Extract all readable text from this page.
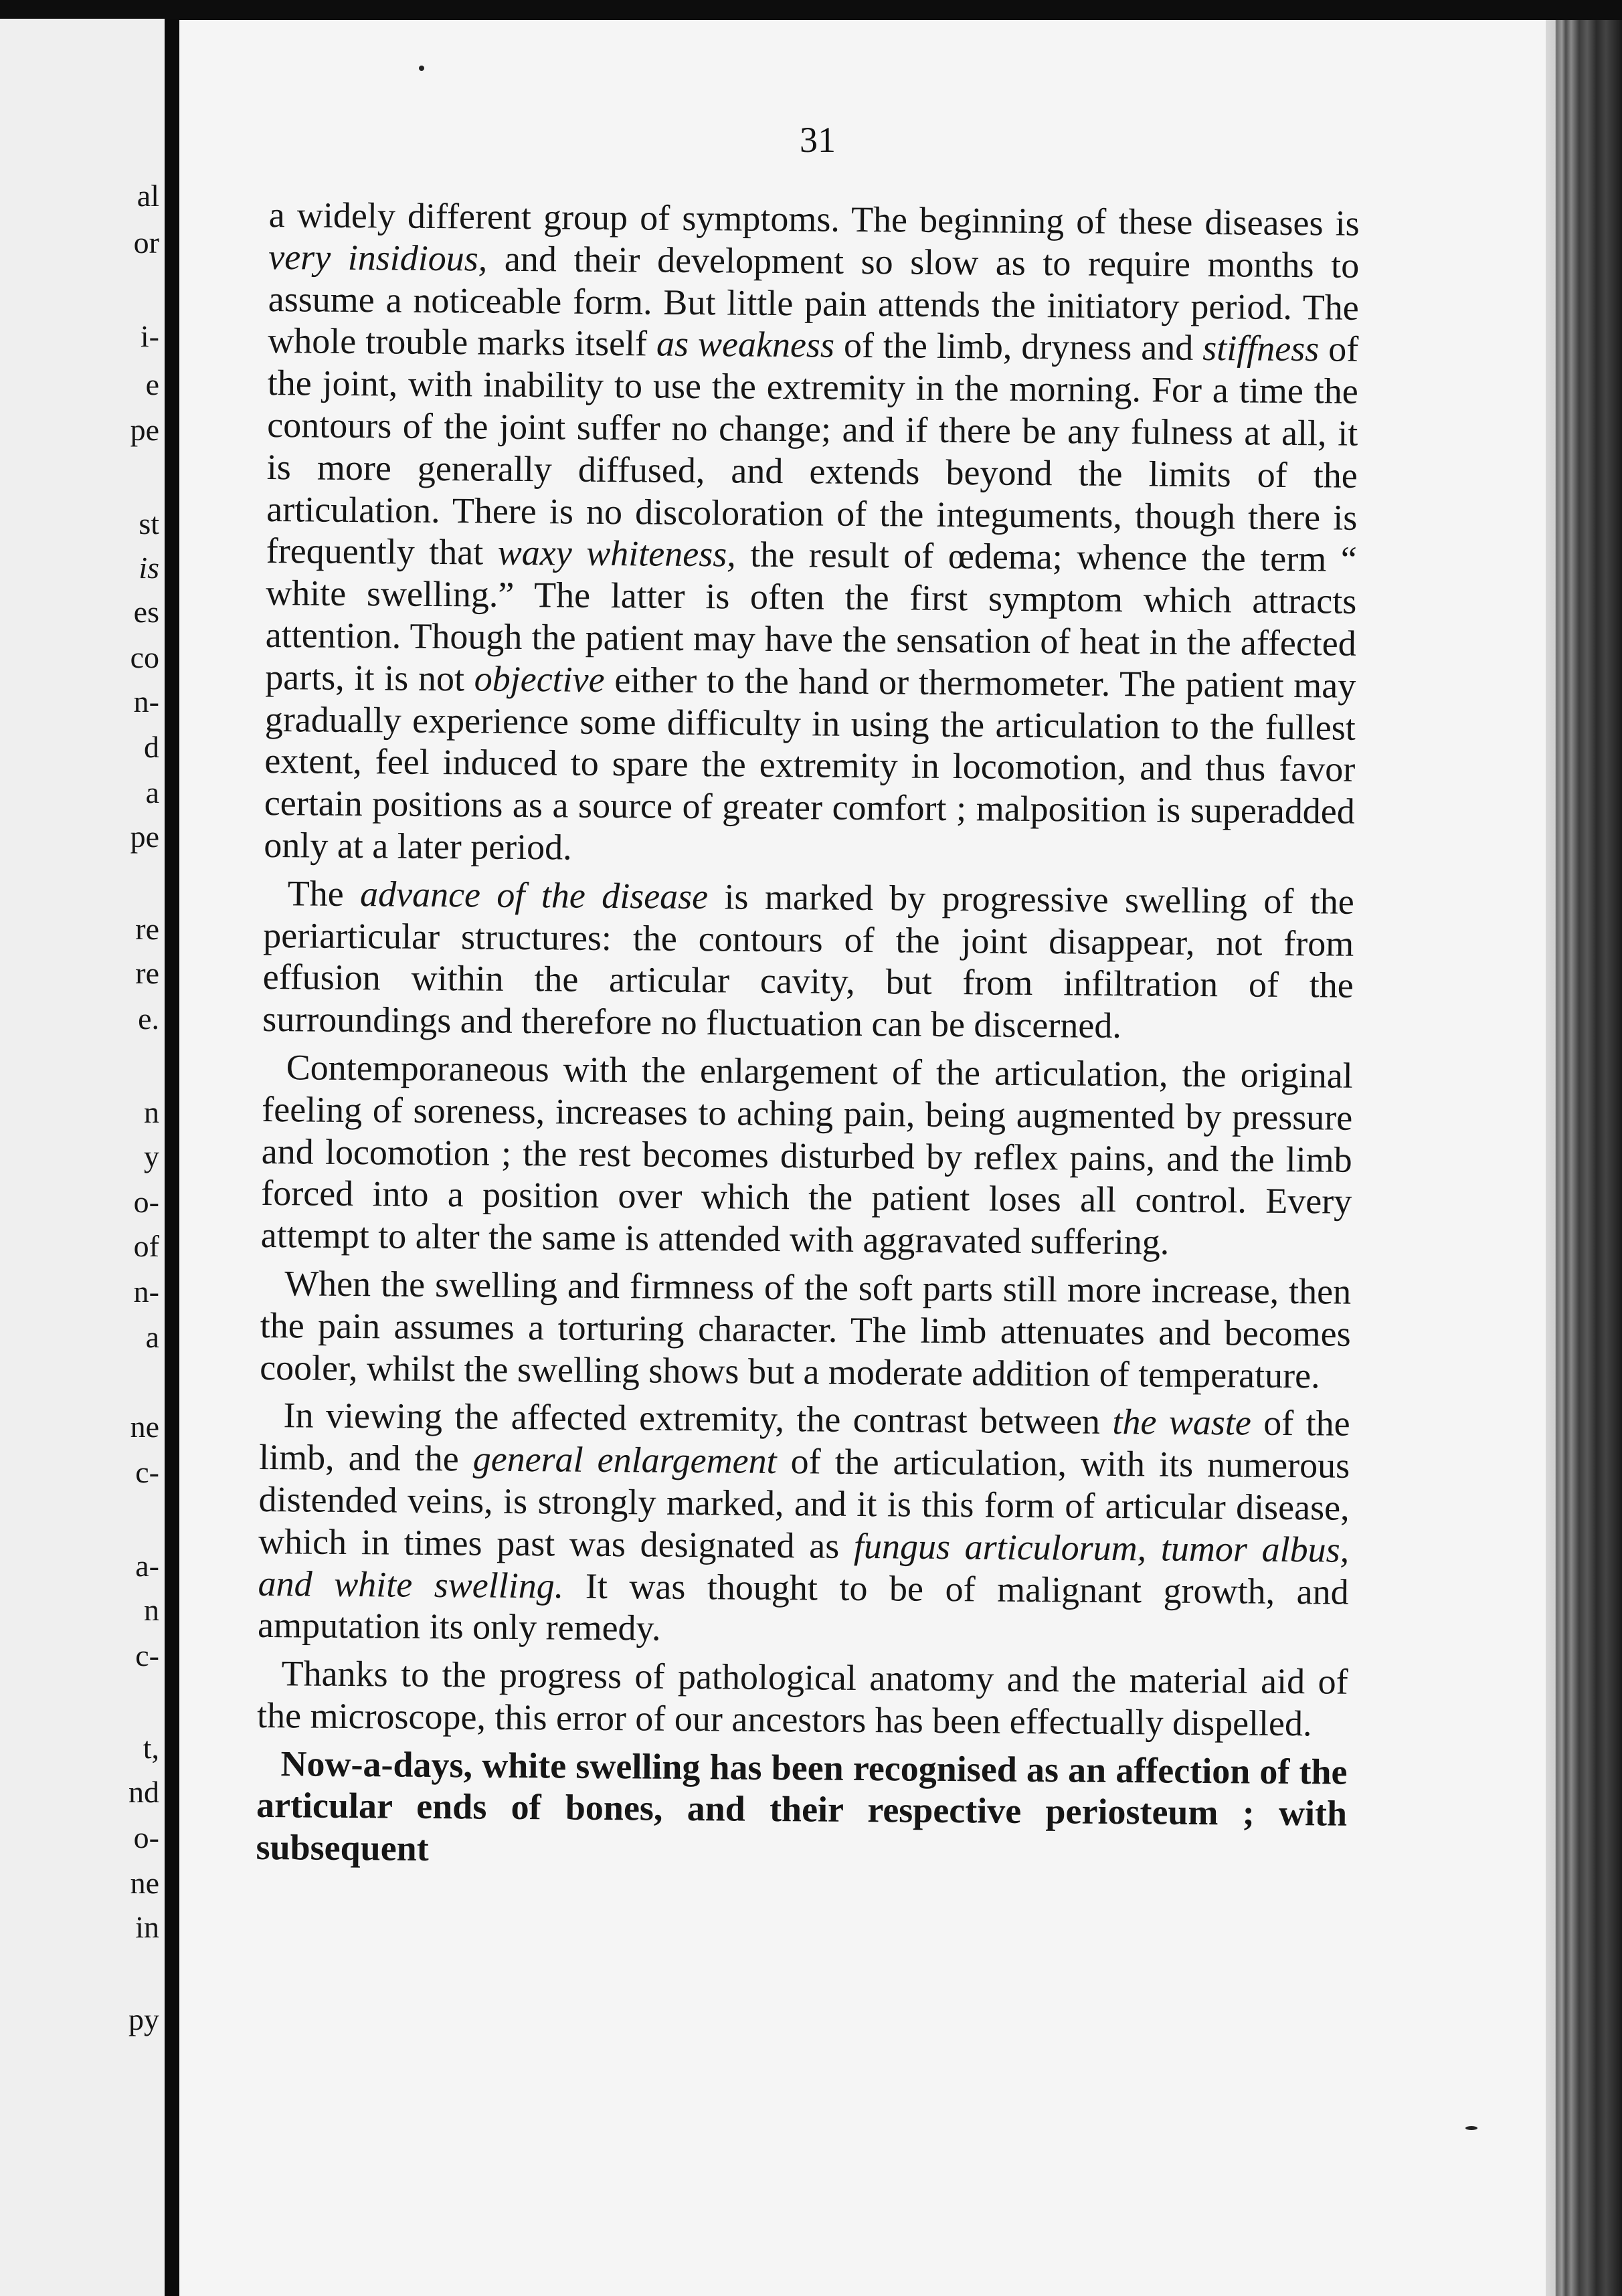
al
or
i-
e
pe
st
is
es
co
n-
d
a
pe
re
re
e.
n
y
o-
of
n-
a
ne
c-
a-
n
c-
t,
nd
o-
ne
in
py
31

a widely different group of symptoms. The beginning of these diseases is very insidious, and their development so slow as to require months to assume a noticeable form. But little pain attends the initiatory period. The whole trouble marks itself as weakness of the limb, dryness and stiffness of the joint, with inability to use the extremity in the morning. For a time the contours of the joint suffer no change; and if there be any fulness at all, it is more generally diffused, and extends beyond the limits of the articulation. There is no discoloration of the integuments, though there is frequently that waxy whiteness, the result of œdema; whence the term “ white swelling.” The latter is often the first symptom which attracts attention. Though the patient may have the sensation of heat in the affected parts, it is not objective either to the hand or thermometer. The patient may gradually experience some difficulty in using the articulation to the fullest extent, feel induced to spare the extremity in locomotion, and thus favor certain positions as a source of greater comfort ; malposition is superadded only at a later period.

The advance of the disease is marked by progressive swelling of the periarticular structures: the contours of the joint disappear, not from effusion within the articular cavity, but from infiltration of the surroundings and therefore no fluctuation can be discerned.

Contemporaneous with the enlargement of the articulation, the original feeling of soreness, increases to aching pain, being augmented by pressure and locomotion ; the rest becomes disturbed by reflex pains, and the limb forced into a position over which the patient loses all control. Every attempt to alter the same is attended with aggravated suffering.

When the swelling and firmness of the soft parts still more increase, then the pain assumes a torturing character. The limb attenuates and becomes cooler, whilst the swelling shows but a moderate addition of temperature.

In viewing the affected extremity, the contrast between the waste of the limb, and the general enlargement of the articulation, with its numerous distended veins, is strongly marked, and it is this form of articular disease, which in times past was designated as fungus articulorum, tumor albus, and white swelling. It was thought to be of malignant growth, and amputation its only remedy.

Thanks to the progress of pathological anatomy and the material aid of the microscope, this error of our ancestors has been effectually dispelled.

Now-a-days, white swelling has been recognised as an affection of the articular ends of bones, and their respective periosteum ; with subsequent
